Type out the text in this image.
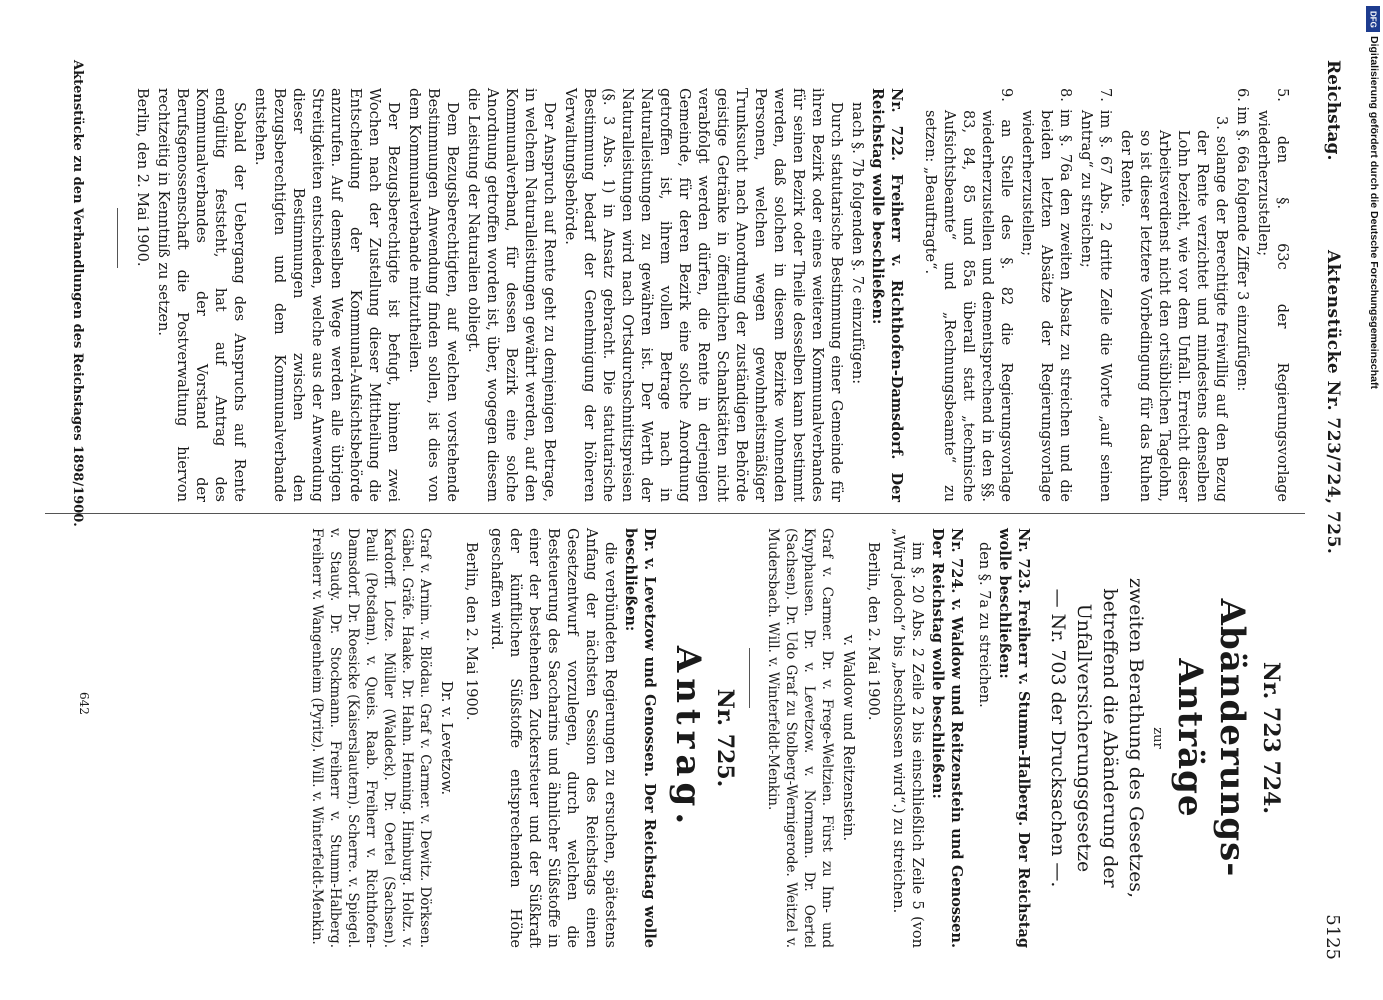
Reichstag.
Aktenstücke Nr. 723/724, 725.
5125
5. den §. 63c der Regierungsvorlage wiederherzustellen;
6. im §. 66a folgende Ziffer 3 einzufügen:
3. solange der Berechtigte freiwillig auf den Bezug der Rente verzichtet und mindestens denselben Lohn bezieht, wie vor dem Unfall. Erreicht dieser Arbeitsverdienst nicht den ortsüblichen Tagelohn, so ist dieser letztere Vorbedingung für das Ruhen der Rente.
7. im §. 67 Abs. 2 dritte Zeile die Worte „auf seinen Antrag“ zu streichen;
8. im §. 76a den zweiten Absatz zu streichen und die beiden letzten Absätze der Regierungsvorlage wiederherzustellen;
9. an Stelle des §. 82 die Regierungsvorlage wiederherzustellen und dementsprechend in den §§. 83, 84, 85 und 85a überall statt „technische Aufsichtsbeamte“ und „Rechnungsbeamte“ zu setzen: „Beauftragte“.
Nr. 722. Freiherr v. Richthofen-Damsdorf. Der Reichstag wolle beschließen:
nach §. 7b folgenden §. 7c einzufügen:
Durch statutarische Bestimmung einer Gemeinde für ihren Bezirk oder eines weiteren Kommunalverbandes für seinen Bezirk oder Theile desselben kann bestimmt werden, daß solchen in diesem Bezirke wohnenden Personen, welchen wegen gewohnheitsmäßiger Trunksucht nach Anordnung der zuständigen Behörde geistige Getränke in öffentlichen Schankstätten nicht verabfolgt werden dürfen, die Rente in derjenigen Gemeinde, für deren Bezirk eine solche Anordnung getroffen ist, ihrem vollen Betrage nach in Naturalleistungen zu gewähren ist. Der Werth der Naturalleistungen wird nach Ortsdurchschnittspreisen (§. 3 Abs. 1) in Ansatz gebracht. Die statutarische Bestimmung bedarf der Genehmigung der höheren Verwaltungsbehörde.
Der Anspruch auf Rente geht zu demjenigen Betrage, in welchem Naturalleistungen gewährt werden, auf den Kommunalverband, für dessen Bezirk eine solche Anordnung getroffen worden ist, über, wogegen diesem die Leistung der Naturalien obliegt.
Dem Bezugsberechtigten, auf welchen vorstehende Bestimmungen Anwendung finden sollen, ist dies von dem Kommunalverbande mitzutheilen.
Der Bezugsberechtigte ist befugt, binnen zwei Wochen nach der Zustellung dieser Mittheilung die Entscheidung der Kommunal-Aufsichtsbehörde anzurufen. Auf demselben Wege werden alle übrigen Streitigkeiten entschieden, welche aus der Anwendung dieser Bestimmungen zwischen den Bezugsberechtigten und dem Kommunalverbande entstehen.
Sobald der Uebergang des Anspruchs auf Rente endgültig feststeht, hat auf Antrag des Kommunalverbandes der Vorstand der Berufsgenossenschaft die Postverwaltung hiervon rechtzeitig in Kenntniß zu setzen.
Berlin, den 2. Mai 1900.
Nr. 723 724.
Abänderungs-Anträge
zur
zweiten Berathung des Gesetzes, betreffend die Abänderung der Unfallversicherungsgesetze
— Nr. 703 der Drucksachen —.
Nr. 723. Freiherr v. Stumm-Halberg. Der Reichstag wolle beschließen:
den §. 7a zu streichen.
Nr. 724. v. Waldow und Reitzenstein und Genossen. Der Reichstag wolle beschließen:
im §. 20 Abs. 2 Zeile 2 bis einschließlich Zeile 5 (von „Wird jedoch“ bis „beschlossen wird“.) zu streichen.
Berlin, den 2. Mai 1900.
v. Waldow und Reitzenstein.
Graf v. Carmer. Dr. v. Frege-Weltzien. Fürst zu Inn- und Knyphausen. Dr. v. Levetzow. v. Normann. Dr. Oertel (Sachsen). Dr. Udo Graf zu Stolberg-Wernigerode. Weitzel v. Mudersbach. Will. v. Winterfeldt-Menkin.
Nr. 725.
Antrag.
Dr. v. Levetzow und Genossen. Der Reichstag wolle beschließen:
die verbündeten Regierungen zu ersuchen, spätestens Anfang der nächsten Session des Reichstags einen Gesetzentwurf vorzulegen, durch welchen die Besteuerung des Saccharins und ähnlicher Süßstoffe in einer der bestehenden Zuckersteuer und der Süßkraft der künftlichen Süßstoffe entsprechenden Höhe geschaffen wird.
Berlin, den 2. Mai 1900.
Dr. v. Levetzow.
Graf v. Arnim. v. Blödau. Graf v. Carmer. v. Dewitz. Dörksen. Gäbel. Gräfe. Haake. Dr. Hahn. Henning. Himburg. Holtz. v. Kardorff. Lotze. Müller (Waldeck). Dr. Oertel (Sachsen). Pauli (Potsdam). v. Queis. Raab. Freiherr v. Richthofen-Damsdorf. Dr. Roesicke (Kaiserslautern). Scherre. v. Spiegel. v. Staudy. Dr. Stockmann. Freiherr v. Stumm-Halberg. Freiherr v. Wangenheim (Pyritz). Will. v. Winterfeldt-Menkin.
Aktenstücke zu den Verhandlungen des Reichstages 1898/1900.
642
DFG
Digitalisierung gefördert durch die Deutsche Forschungsgemeinschaft
